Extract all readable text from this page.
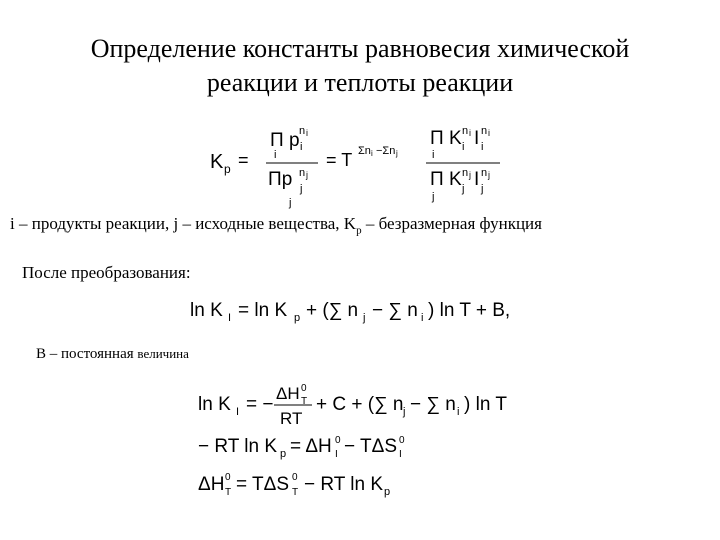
Определение константы равновесия химической
реакции и теплоты реакции
K p =
Π p n i
i
i
Πp n j
j
j
= T Σn i −Σn j
Π K n i
i I n i
i
i
Π K n j
j I n j
j
j
i – продукты реакции, j – исходные вещества, $K_p$ – безразмерная функция
После преобразования:
ln K I = ln K p + (∑ n j − ∑ n i ) ln T + B,
B – постоянная величина
ln K I = −
ΔH 0
T
RT
+ C + (∑ n j − ∑ n i ) ln T
− RT ln K p = ΔH 0
I − TΔS 0
I
ΔH 0
T = TΔS 0
T − RT ln K p
